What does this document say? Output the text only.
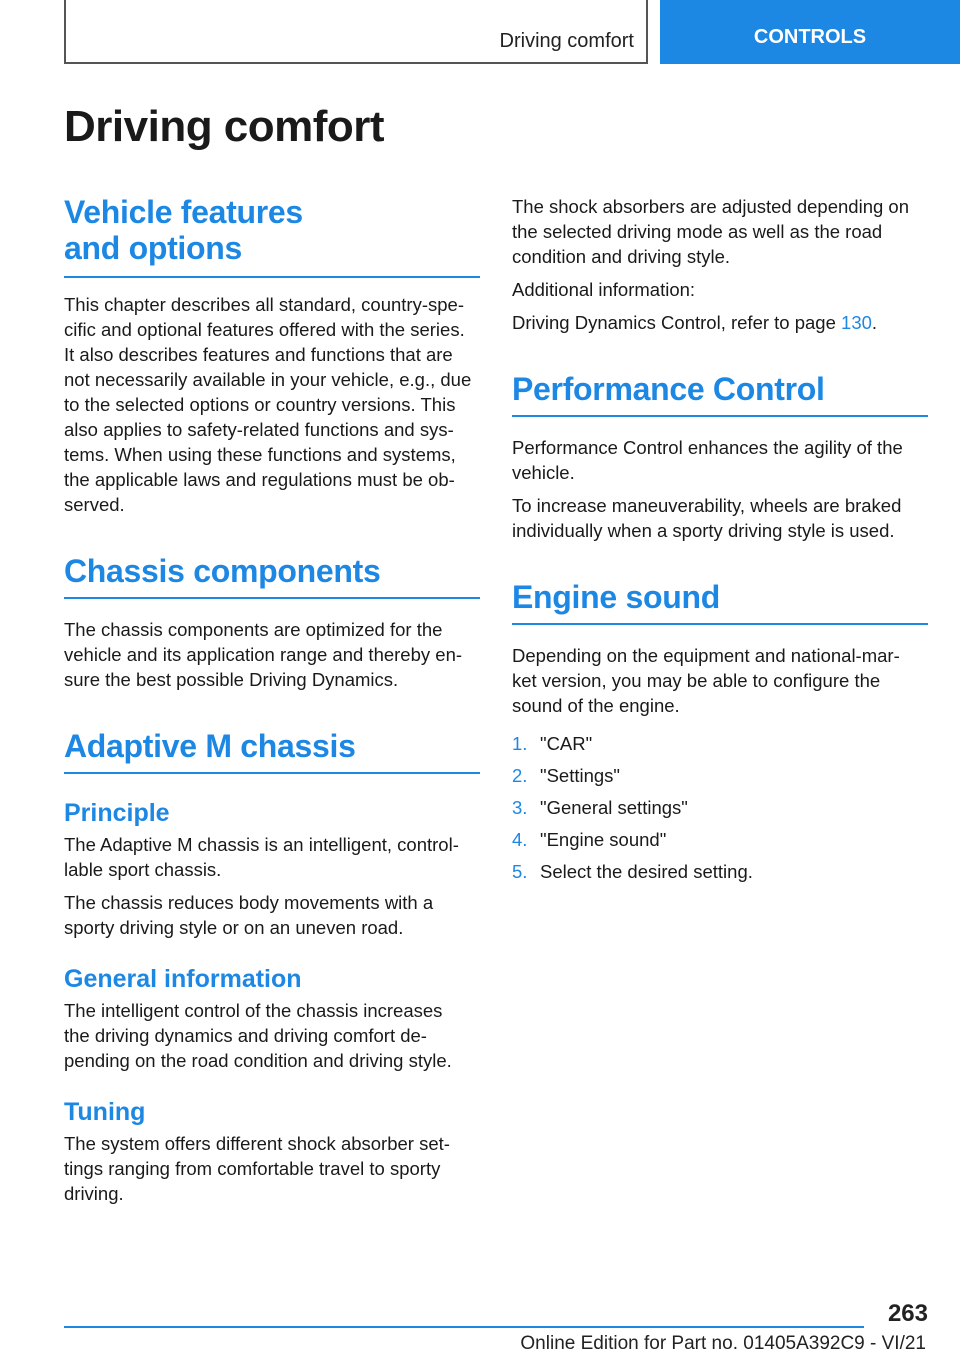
Driving comfort	CONTROLS
Driving comfort
Vehicle features and options

This chapter describes all standard, country-spe‐

cific and optional features offered with the series.

It also describes features and functions that are

not necessarily available in your vehicle, e.g., due

to the selected options or country versions. This

also applies to safety-related functions and sys‐

tems. When using these functions and systems,

the applicable laws and regulations must be ob‐

served.

Chassis components

The chassis components are optimized for the

vehicle and its application range and thereby en‐

sure the best possible Driving Dynamics.

Adaptive M chassis
Principle

The Adaptive M chassis is an intelligent, control‐

lable sport chassis.

The chassis reduces body movements with a

sporty driving style or on an uneven road.

General information

The intelligent control of the chassis increases

the driving dynamics and driving comfort de‐

pending on the road condition and driving style.

Tuning

The system offers different shock absorber set‐

tings ranging from comfortable travel to sporty

driving.

The shock absorbers are adjusted depending on

the selected driving mode as well as the road

condition and driving style.

Additional information:

Driving Dynamics Control, refer to page 130.

Performance Control

Performance Control enhances the agility of the

vehicle.

To increase maneuverability, wheels are braked

individually when a sporty driving style is used.

Engine sound

Depending on the equipment and national-mar‐

ket version, you may be able to configure the

sound of the engine.

1. "CAR"
2. "Settings"
3. "General settings"
4. "Engine sound"
5. Select the desired setting.
263
Online Edition for Part no. 01405A392C9 - VI/21
